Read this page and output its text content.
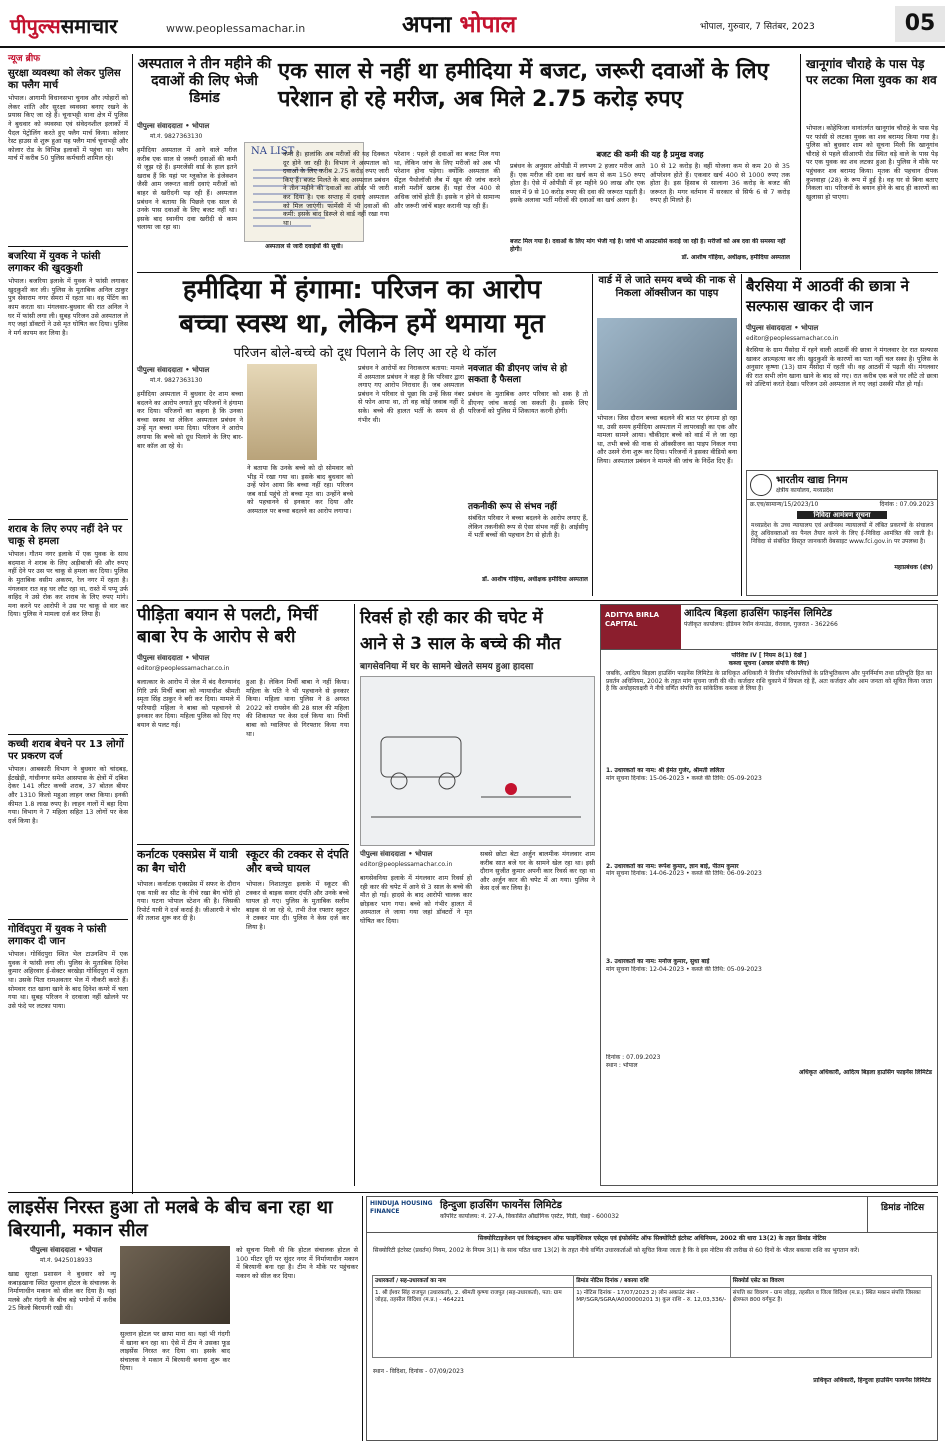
पीपुल्ससमाचार	www.peoplessamachar.in	अपना भोपाल	भोपाल, गुरुवार, 7 सितंबर, 2023	05
न्यूज ब्रीफ
सुरक्षा व्यवस्था को लेकर पुलिस का फ्लैग मार्च
भोपाल। आगामी विधानसभा चुनाव और त्योहारों को लेकर शांति और सुरक्षा व्यवस्था बनाए रखने के प्रयास किए जा रहे हैं। चूनाभट्टी थाना क्षेत्र में पुलिस ने बुधवार को व्यवस्था एवं संवेदनशील इलाकों में पैदल पेट्रोलिंग करते हुए फ्लैग मार्च किया। कोलार रेस्ट हाउस से शुरू हुआ यह फ्लैग मार्च चूनाभट्टी और कोलार रोड के विभिन्न इलाकों में पहुंचा था। फ्लैग मार्च में करीब 50 पुलिस कर्मचारी शामिल रहे।
बजरिया में युवक ने फांसी लगाकर की खुदकुशी
भोपाल। बजरिया इलाके में युवक ने फांसी लगाकर खुदकुशी कर ली। पुलिस के मुताबिक अनिल ठाकुर पुत्र सेवाराम नगर सेमरा में रहता था। वह पेंटिंग का काम करता था। मंगलवार-बुधवार की रात अनिल ने घर में फांसी लगा ली। सुबह परिजन उसे अस्पताल ले गए जहां डॉक्टरों ने उसे मृत घोषित कर दिया। पुलिस ने मर्ग कायम कर लिया है।
शराब के लिए रुपए नहीं देने पर चाकू से हमला
भोपाल। गौतम नगर इलाके में एक युवक के साथ बदमाश ने शराब के लिए अड़ीबाजी की और रुपए नहीं देने पर उस पर चाकू से हमला कर दिया। पुलिस के मुताबिक वसीम अकरम, रेल नगर में रहता है। मंगलवार रात वह घर लौट रहा था, रास्ते में पप्पू उर्फ वाहिद ने उसे रोक कर शराब के लिए रुपए मांगे। मना करने पर आरोपी ने उस पर चाकू से वार कर दिया। पुलिस ने मामला दर्ज कर लिया है।
कच्ची शराब बेचने पर 13 लोगों पर प्रकरण दर्ज
भोपाल। आबकारी विभाग ने बुधवार को चांदबड़, ईंटखेड़ी, गांधीनगर समेत आसपास के क्षेत्रों में दबिश देकर 141 लीटर कच्ची शराब, 37 बोतल बीयर और 1310 किलो महुआ लाहन जब्त किया। इनकी कीमत 1.8 लाख रुपए है। लाहन नालों में बहा दिया गया। विभाग ने 7 महिला सहित 13 लोगों पर केस दर्ज किया है।
गोविंदपुरा में युवक ने फांसी लगाकर दी जान
भोपाल। गोविंदपुरा स्थित भेल टाउनशिप में एक युवक ने फांसी लगा ली। पुलिस के मुताबिक दिनेश कुमार अहिरवार ई-सेक्टर बरखेड़ा गोविंदपुरा में रहता था। उसके पिता रामअवतार भेल में नौकरी करते हैं। सोमवार रात खाना खाने के बाद दिनेश कमरे में चला गया था। सुबह परिजन ने दरवाजा नहीं खोलने पर उसे फंदे पर लटका पाया।
अस्पताल ने तीन महीने की दवाओं की लिए भेजी डिमांड
एक साल से नहीं था हमीदिया में बजट, जरूरी दवाओं के लिए परेशान हो रहे मरीज, अब मिले 2.75 करोड़ रुपए
पीपुल्स संवाददाता • भोपाल
मो.नं. 9827363130
हमीदिया अस्पताल में आने वाले मरीज करीब एक साल से जरूरी दवाओं की कमी से जूझ रहे हैं। इमरजेंसी वार्ड के हाल इतने खराब हैं कि यहां पर ग्लूकोज के इंजेक्शन जैसी आम जरूरत वाली दवाएं मरीजों को बाहर से खरीदनी पड़ रही हैं। अस्पताल प्रबंधन ने बताया कि पिछले एक साल से उनके पास दवाओं के लिए बजट नहीं था। इसके बाद स्थानीय दवा खरीदी से काम चलाया जा रहा था।
NA LIST
अस्पताल से जारी दवाईयों की सूची।
कमी है। हालांकि अब मरीजों की यह दिक्कत दूर होने जा रही है। विभाग ने अस्पताल को दवाओं के लिए करीब 2.75 करोड़ रुपए जारी किए हैं। बजट मिलते के बाद अस्पताल प्रबंधन ने तीन महीने की दवाओं का ऑर्डर भी जारी कर दिया है। एक सप्ताह में दवाएं अस्पताल को मिल जाएंगी। फार्मेसी में भी दवाओं की कमी: इसके बाद डिस्प्ले से वार्ड नहीं रखा गया था।
परेशान : पहले ही दवाओं का बजट मिल गया था, लेकिन जांच के लिए मरीजों को अब भी परेशान होना पड़ेगा। क्योंकि अस्पताल की सेंट्रल पैथोलॉजी लैब में खून की जांच करने वाली मशीनें खराब हैं। यहां रोज 400 से अधिक जांचें होती हैं। इसके न होने से सामान्य और जरूरी जांचें बाहर करानी पड़ रही हैं।
बजट की कमी की यह है प्रमुख वजह
प्रबंधन के अनुसार ओपीडी में लगभग 2 हजार मरीज आते हैं। एक मरीज की दवा का खर्च कम से कम 150 रुपए होता है। ऐसे में ओपीडी में हर महीने 90 लाख और एक साल में 9 से 10 करोड़ रुपए की दवा की जरूरत पड़ती है। इसके अलावा भर्ती मरीजों की दवाओं का खर्च अलग है।
10 से 12 करोड़ है। वहीं योजना कम से कम 20 से 35 ऑपरेशन होते हैं। एकवार खर्च 400 से 1000 रुपए तक होता है। इस हिसाब से सालाना 36 करोड़ के बजट की जरूरत है। मगर वर्तमान में सरकार से सिर्फ 6 से 7 करोड़ रुपए ही मिलते हैं।
बजट मिल गया है। दवाओं के लिए मांग भेजी गई है। जांचें भी आउटसोर्स कराई जा रही हैं। मरीजों को अब दवा की समस्या नहीं होगी।
डॉ. आशीष गोहिया, अधीक्षक, हमीदिया अस्पताल
खानूगांव चौराहे के पास पेड़ पर लटका मिला युवक का शव
भोपाल। कोहेफिजा थानांतर्गत खानूगांव चौराहे के पास पेड़ पर फांसी से लटका युवक का शव बरामद किया गया है। पुलिस को बुधवार शाम को सूचना मिली कि खानूगांव चौराहे से पहले सीआरपी रोड स्थित वड़े वाले के पास पेड़ पर एक युवक का शव लटका हुआ है। पुलिस ने मौके पर पहुंचकर शव बरामद किया। मृतक की पहचान दीपक कुशवाहा (28) के रूप में हुई है। वह घर से बिना बताए निकला था। परिजनों के बयान होने के बाद ही कारणों का खुलासा हो पाएगा।
हमीदिया में हंगामा: परिजन का आरोप
बच्चा स्वस्थ था, लेकिन हमें थमाया मृत
परिजन बोले-बच्चे को दूध पिलाने के लिए आ रहे थे कॉल
पीपुल्स संवाददाता • भोपाल
मो.नं. 9827363130
हमीदिया अस्पताल में बुधवार देर शाम बच्चा बदलने का आरोप लगाते हुए परिजनों ने हंगामा कर दिया। परिजनों का कहना है कि उनका बच्चा स्वस्थ था लेकिन अस्पताल प्रबंधन ने उन्हें मृत बच्चा थमा दिया। परिजन ने आरोप लगाया कि बच्चे को दूध पिलाने के लिए बार-बार कॉल आ रहे थे।
ने बताया कि उनके बच्चे को दो सोमवार को भीड़ में रखा गया था। इसके बाद बुधवार को उन्हें फोन आया कि बच्चा नहीं रहा। परिजन जब वार्ड पहुंचे तो बच्चा मृत था। उन्होंने बच्चे को पहचानने से इनकार कर दिया और अस्पताल पर बच्चा बदलने का आरोप लगाया।
प्रबंधन ने आरोपों का निराकरण बताया: मामले में अस्पताल प्रबंधन ने कहा है कि परिवार द्वारा लगाए गए आरोप निराधार हैं। जब अस्पताल प्रबंधन ने परिवार से पूछा कि उन्हें किस नंबर से फोन आया था, तो वह कोई जवाब नहीं दे सके। बच्चे की हालत भर्ती के समय से ही गंभीर थी।
नवजात की डीएनए जांच से हो सकता है फैसला
प्रबंधन के मुताबिक अगर परिवार को शक है तो डीएनए जांच कराई जा सकती है। इसके लिए परिजनों को पुलिस में शिकायत करनी होगी।
तकनीकी रूप से संभव नहीं
संबंधित परिवार ने बच्चा बदलने के आरोप लगाए हैं, लेकिन तकनीकी रूप से ऐसा संभव नहीं है। आईसीयू में भर्ती बच्चों की पहचान टैग से होती है।
डॉ. आशीष गोहिया, अधीक्षक हमीदिया अस्पताल
वार्ड में ले जाते समय बच्चे की नाक से निकला ऑक्सीजन का पाइप
भोपाल। जिस दौरान बच्चा बदलने की बात पर हंगामा हो रहा था, उसी समय हमीदिया अस्पताल में लापरवाही का एक और मामला सामने आया। चौकीदार बच्चे को वार्ड में ले जा रहा था, तभी बच्चे की नाक से ऑक्सीजन का पाइप निकल गया और उसने रोना शुरू कर दिया। परिजनों ने इसका वीडियो बना लिया। अस्पताल प्रबंधन ने मामले की जांच के निर्देश दिए हैं।
बैरसिया में आठवीं की छात्रा ने सल्फास खाकर दी जान
पीपुल्स संवाददाता • भोपाल
editor@peoplessamachar.co.in
बैरसिया के ग्राम मैंसोदा में रहने वाली आठवीं की छात्रा ने मंगलवार देर रात सल्फास खाकर आत्महत्या कर ली। खुदकुशी के कारणों का पता नहीं चल सका है। पुलिस के अनुसार कृष्णा (13) ग्राम मैंसोदा में रहती थी। वह आठवीं में पढ़ती थी। मंगलवार की रात सभी लोग खाना खाने के बाद सो गए। रात करीब एक बजे घर लौटे तो छात्रा को उल्टियां करते देखा। परिजन उसे अस्पताल ले गए जहां उसकी मौत हो गई।
भारतीय खाद्य निगम
क्षेत्रीय कार्यालय, मध्यप्रदेश
क्र.एच/सामान्य/15/2023/10	दिनांक : 07.09.2023
निविदा आमंत्रण सूचना
मध्यप्रदेश के उच्च न्यायालय एवं अधीनस्थ न्यायालयों में लंबित प्रकरणों के संचालन हेतु अधिवक्ताओं का पैनल तैयार करने के लिए ई-निविदा आमंत्रित की जाती है। निविदा से संबंधित विस्तृत जानकारी वेबसाइट www.fci.gov.in पर उपलब्ध है।
महाप्रबंधक (क्षेत्र)
ADITYA BIRLA CAPITAL
आदित्य बिड़ला हाउसिंग फाइनेंस लिमिटेड
पंजीकृत कार्यालय: इंडियन रेयॉन कंपाउंड, वेरावल, गुजरात - 362266
परिशिष्ट IV [ नियम 8(1) देखें ]
कब्जा सूचना (अचल संपत्ति के लिए)
जबकि, आदित्य बिड़ला हाउसिंग फाइनेंस लिमिटेड के प्राधिकृत अधिकारी ने वित्तीय परिसंपत्तियों के प्रतिभूतिकरण और पुनर्निर्माण तथा प्रतिभूति हित का प्रवर्तन अधिनियम, 2002 के तहत मांग सूचना जारी की थी। कर्जदार राशि चुकाने में विफल रहे हैं, अतः कर्जदार और आम जनता को सूचित किया जाता है कि अधोहस्ताक्षरी ने नीचे वर्णित संपत्ति का सांकेतिक कब्जा ले लिया है।
1. उधारकर्ता का नाम: श्री हेमंत गुर्जर, श्रीमती ललिता
मांग सूचना दिनांक: 15-06-2023 • कब्जे की तिथि: 05-09-2023
2. उधारकर्ता का नाम: रूपेश कुमार, ज्ञान बाई, पीतम कुमार
मांग सूचना दिनांक: 14-06-2023 • कब्जे की तिथि: 06-09-2023
3. उधारकर्ता का नाम: मनोज कुमार, सुधा बाई
मांग सूचना दिनांक: 12-04-2023 • कब्जे की तिथि: 05-09-2023
दिनांक : 07.09.2023
स्थान : भोपाल
अधिकृत अधिकारी, आदित्य बिड़ला हाउसिंग फाइनेंस लिमिटेड
पीड़िता बयान से पलटी, मिर्ची बाबा रेप के आरोप से बरी
पीपुल्स संवाददाता • भोपाल
editor@peoplessamachar.co.in
बलात्कार के आरोप में जेल में बंद वैराग्यानंद गिरि उर्फ मिर्ची बाबा को न्यायाधीश श्रीमती स्मृता सिंह ठाकुर ने बरी कर दिया। मामले में फरियादी महिला ने बाबा को पहचानने से इनकार कर दिया। महिला पुलिस को दिए गए बयान से पलट गई।
हुआ है। लेकिन मिर्ची बाबा ने नहीं किया। महिला के पति ने भी पहचानने से इनकार किया। महिला थाना पुलिस ने 8 अगस्त 2022 को रायसेन की 28 साल की महिला की शिकायत पर केस दर्ज किया था। मिर्ची बाबा को ग्वालियर से गिरफ्तार किया गया था।
कर्नाटक एक्सप्रेस में यात्री का बैग चोरी
भोपाल। कर्नाटक एक्सप्रेस में सफर के दौरान एक यात्री का सीट के नीचे रखा बैग चोरी हो गया। घटना भोपाल स्टेशन की है। जिसकी रिपोर्ट यात्री ने दर्ज कराई है। जीआरपी ने चोर की तलाश शुरू कर दी है।
स्कूटर की टक्कर से दंपति और बच्चे घायल
भोपाल। निशातपुरा इलाके में स्कूटर की टक्कर से बाइक सवार दंपति और उनके बच्चे घायल हो गए। पुलिस के मुताबिक सलीम बाइक से जा रहे थे, तभी तेज रफ्तार स्कूटर ने टक्कर मार दी। पुलिस ने केस दर्ज कर लिया है।
रिवर्स हो रही कार की चपेट में
आने से 3 साल के बच्चे की मौत
बागसेवनिया में घर के सामने खेलते समय हुआ हादसा
पीपुल्स संवाददाता • भोपाल
editor@peoplessamachar.co.in
बागसेवनिया इलाके में मंगलवार शाम रिवर्स हो रही कार की चपेट में आने से 3 साल के बच्चे की मौत हो गई। हादसे के बाद आरोपी चालक कार छोड़कर भाग गया। बच्चे को गंभीर हालत में अस्पताल ले जाया गया जहां डॉक्टरों ने मृत घोषित कर दिया।
सबसे छोटा बेटा अर्जुन बालमीक मंगलवार शाम करीब सात बजे घर के सामने खेल रहा था। इसी दौरान सुजीत कुमार अपनी कार रिवर्स कर रहा था और अर्जुन कार की चपेट में आ गया। पुलिस ने केस दर्ज कर लिया है।
लाइसेंस निरस्त हुआ तो मलबे के बीच बना रहा था बिरयानी, मकान सील
पीपुल्स संवाददाता • भोपाल
मो.नं. 9425018933
खाद्य सुरक्षा प्रशासन ने बुधवार को न्यू कबाड़खाना स्थित सुल्तान होटल के संचालक के निर्माणाधीन मकान को सील कर दिया है। यहां मलबे और गंदगी के बीच बड़े भगोनों में करीब 25 किलो बिरयानी रखी थी।
सुल्तान होटल पर छापा मारा था। यहां भी गंदगी में खाना बन रहा था। ऐसे में टीम ने उसका फूड लाइसेंस निरस्त कर दिया था। इसके बाद संचालक ने मकान में बिरयानी बनाना शुरू कर दिया।
को सूचना मिली थी कि होटल संचालक होटल से 100 मीटर दूरी पर सुंदर नगर में निर्माणाधीन मकान में बिरयानी बना रहा है। टीम ने मौके पर पहुंचकर मकान को सील कर दिया।
HINDUJA HOUSING FINANCE	हिन्दुजा हाउसिंग फायनेंस लिमिटेड
कॉर्पोरेट कार्यालय: नं. 27-A, विकासित औद्योगिक एस्टेट, गिंडी, चेन्नई - 600032
डिमांड नोटिस
सिक्योरिटाइजेशन एवं रिकंस्ट्रक्शन ऑफ फाइनेंशियल एसेट्स एवं इंफोर्समेंट ऑफ सिक्योरिटी इंटरेस्ट अधिनियम, 2002 की धारा 13(2) के तहत डिमांड नोटिस
सिक्योरिटी इंटरेस्ट (प्रवर्तन) नियम, 2002 के नियम 3(1) के साथ पठित धारा 13(2) के तहत नीचे वर्णित उधारकर्ताओं को सूचित किया जाता है कि वे इस नोटिस की तारीख से 60 दिनों के भीतर बकाया राशि का भुगतान करें।
उधारकर्ता / सह-उधारकर्ता का नाम	डिमांड नोटिस दिनांक / बकाया राशि	सिक्योर्ड एसेट का विवरण
1. श्री ईश्वर सिंह राजपूत (उधारकर्ता), 2. श्रीमती कृष्णा राजपूत (सह-उधारकर्ता), पता: ग्राम जोहड़, तहसील विदिशा (म.प्र.) - 464221	1) नोटिस दिनांक - 17/07/2023 2) लोन अकाउंट नंबर - MP/SGR/SGRA/A000000201 3) कुल राशि - रु. 12,03,336/-	संपत्ति का विवरण - ग्राम जोहड़, तहसील व जिला विदिशा (म.प्र.) स्थित मकान संपत्ति जिसका क्षेत्रफल 800 वर्गफुट है।
स्थान - विदिशा, दिनांक - 07/09/2023
प्राधिकृत अधिकारी, हिन्दुजा हाउसिंग फायनेंस लिमिटेड
